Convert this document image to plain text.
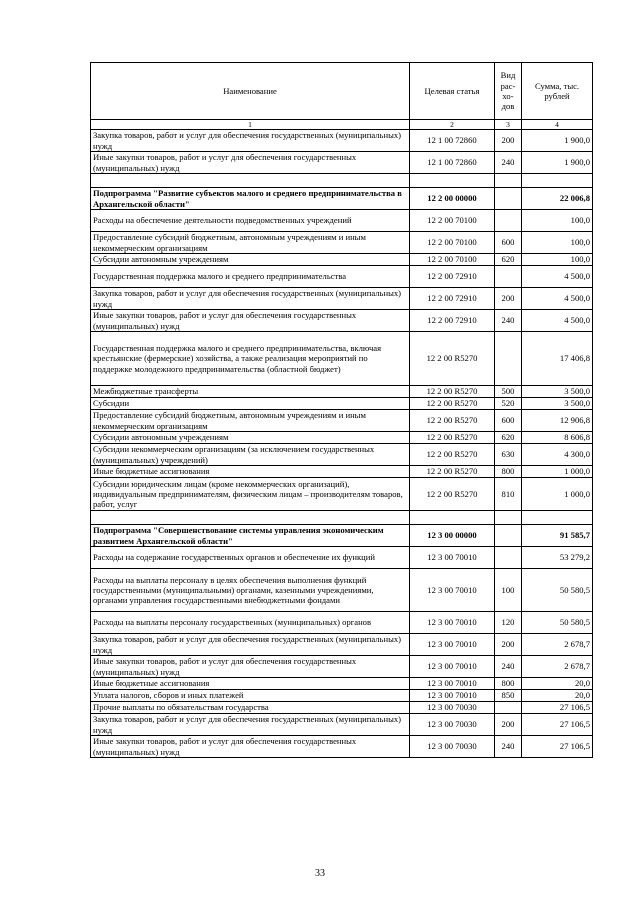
Наименование	Целевая статья	Вид рас-хо-дов	Сумма, тыс. рублей
1	2	3	4
Закупка товаров, работ и услуг для обеспечения государственных (муниципальных) нужд	12 1 00 72860	200	1 900,0
Иные закупки товаров, работ и услуг для обеспечения государственных (муниципальных) нужд	12 1 00 72860	240	1 900,0

Подпрограмма "Развитие субъектов малого и среднего предпринимательства в Архангельской области"	12 2 00 00000		22 006,8
Расходы на обеспечение деятельности подведомственных учреждений	12 2 00 70100		100,0
Предоставление субсидий бюджетным, автономным учреждениям и иным некоммерческим организациям	12 2 00 70100	600	100,0
Субсидии автономным учреждениям	12 2 00 70100	620	100,0
Государственная поддержка малого и среднего предпринимательства	12 2 00 72910		4 500,0
Закупка товаров, работ и услуг для обеспечения государственных (муниципальных) нужд	12 2 00 72910	200	4 500,0
Иные закупки товаров, работ и услуг для обеспечения государственных (муниципальных) нужд	12 2 00 72910	240	4 500,0
Государственная поддержка малого и среднего предпринимательства, включая крестьянские (фермерские) хозяйства, а также реализация мероприятий по поддержке молодежного предпринимательства (областной бюджет)	12 2 00 R5270		17 406,8
Межбюджетные трансферты	12 2 00 R5270	500	3 500,0
Субсидии	12 2 00 R5270	520	3 500,0
Предоставление субсидий бюджетным, автономным учреждениям и иным некоммерческим организациям	12 2 00 R5270	600	12 906,8
Субсидии автономным учреждениям	12 2 00 R5270	620	8 606,8
Субсидии некоммерческим организациям (за исключением государственных (муниципальных) учреждений)	12 2 00 R5270	630	4 300,0
Иные бюджетные ассигнования	12 2 00 R5270	800	1 000,0
Субсидии юридическим лицам (кроме некоммерческих организаций), индивидуальным предпринимателям, физическим лицам – производителям товаров, работ, услуг	12 2 00 R5270	810	1 000,0

Подпрограмма "Совершенствование системы управления экономическим развитием Архангельской области"	12 3 00 00000		91 585,7
Расходы на содержание государственных органов и обеспечение их функций	12 3 00 70010		53 279,2
Расходы на выплаты персоналу в целях обеспечения выполнения функций государственными (муниципальными) органами, казенными учреждениями, органами управления государственными внебюджетными фондами	12 3 00 70010	100	50 580,5
Расходы на выплаты персоналу государственных (муниципальных) органов	12 3 00 70010	120	50 580,5
Закупка товаров, работ и услуг для обеспечения государственных (муниципальных) нужд	12 3 00 70010	200	2 678,7
Иные закупки товаров, работ и услуг для обеспечения государственных (муниципальных) нужд	12 3 00 70010	240	2 678,7
Иные бюджетные ассигнования	12 3 00 70010	800	20,0
Уплата налогов, сборов и иных платежей	12 3 00 70010	850	20,0
Прочие выплаты по обязательствам государства	12 3 00 70030		27 106,5
Закупка товаров, работ и услуг для обеспечения государственных (муниципальных) нужд	12 3 00 70030	200	27 106,5
Иные закупки товаров, работ и услуг для обеспечения государственных (муниципальных) нужд	12 3 00 70030	240	27 106,5
33
